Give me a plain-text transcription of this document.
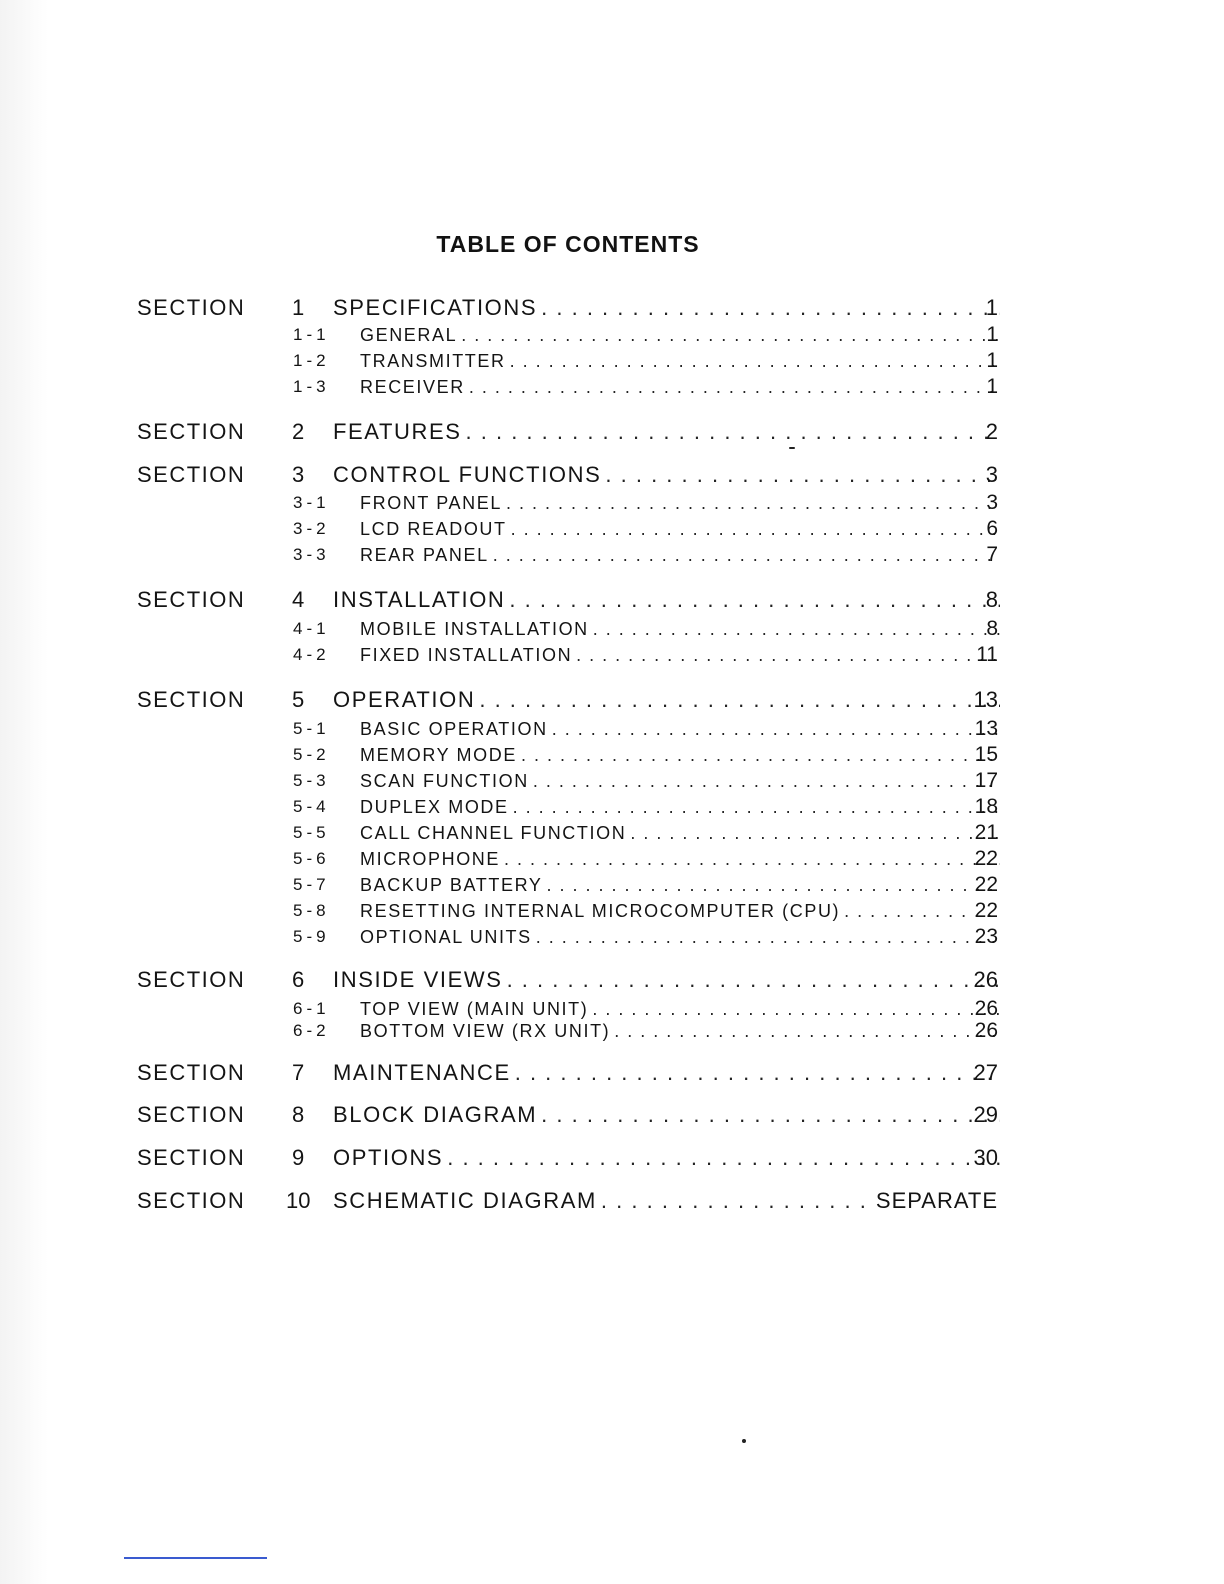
TABLE OF CONTENTS
SECTION 1 SPECIFICATIONS . . .	1
1-1 GENERAL . . .	1
1-2 TRANSMITTER . . .	1
1-3 RECEIVER . . .	1
SECTION 2 FEATURES . . .	2
SECTION 3 CONTROL FUNCTIONS . . .	3
3-1 FRONT PANEL . . .	3
3-2 LCD READOUT . . .	6
3-3 REAR PANEL . . .	7
SECTION 4 INSTALLATION . . .	8
4-1 MOBILE INSTALLATION . . .	8
4-2 FIXED INSTALLATION . . .	11
SECTION 5 OPERATION . . .	13
5-1 BASIC OPERATION . . .	13
5-2 MEMORY MODE . . .	15
5-3 SCAN FUNCTION . . .	17
5-4 DUPLEX MODE . . .	18
5-5 CALL CHANNEL FUNCTION . . .	21
5-6 MICROPHONE . . .	22
5-7 BACKUP BATTERY . . .	22
5-8 RESETTING INTERNAL MICROCOMPUTER (CPU) . . .	22
5-9 OPTIONAL UNITS . . .	23
SECTION 6 INSIDE VIEWS . . .	26
6-1 TOP VIEW (MAIN UNIT) . . .	26
6-2 BOTTOM VIEW (RX UNIT) . . .	26
SECTION 7 MAINTENANCE . . .	27
SECTION 8 BLOCK DIAGRAM . . .	29
SECTION 9 OPTIONS . . .	30
SECTION 10 SCHEMATIC DIAGRAM . . .	SEPARATE
